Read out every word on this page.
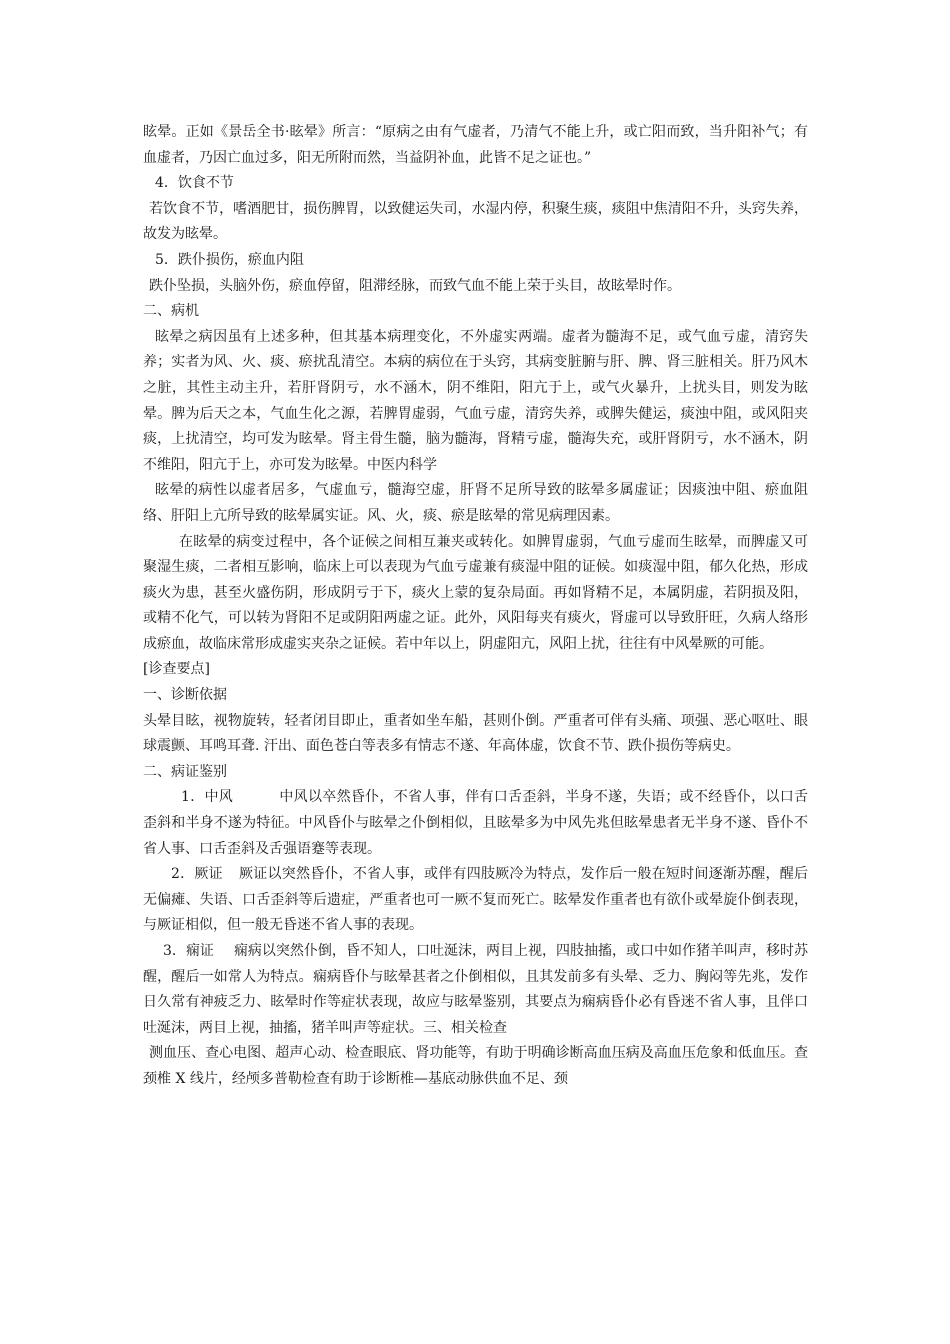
眩晕。正如《景岳全书·眩晕》所言：“原病之由有气虚者，乃清气不能上升，或亡阳而致，当升阳补气；有血虚者，乃因亡血过多，阳无所附而然，当益阴补血，此皆不足之证也。”

4．饮食不节

若饮食不节，嗜酒肥甘，损伤脾胃，以致健运失司，水湿内停，积聚生痰，痰阻中焦清阳不升，头窍失养，故发为眩晕。

5．跌仆损伤，瘀血内阻

跌仆坠损，头脑外伤，瘀血停留，阻滞经脉，而致气血不能上荣于头目，故眩晕时作。

二、病机

眩晕之病因虽有上述多种，但其基本病理变化，不外虚实两端。虚者为髓海不足，或气血亏虚，清窍失养；实者为风、火、痰、瘀扰乱清空。本病的病位在于头窍，其病变脏腑与肝、脾、肾三脏相关。肝乃风木之脏，其性主动主升，若肝肾阴亏，水不涵木，阴不维阳，阳亢于上，或气火暴升，上扰头目，则发为眩晕。脾为后天之本，气血生化之源，若脾胃虚弱，气血亏虚，清窍失养，或脾失健运，痰浊中阻，或风阳夹痰，上扰清空，均可发为眩晕。肾主骨生髓，脑为髓海，肾精亏虚，髓海失充，或肝肾阴亏，水不涵木，阴不维阳，阳亢于上，亦可发为眩晕。中医内科学

眩晕的病性以虚者居多，气虚血亏，髓海空虚，肝肾不足所导致的眩晕多属虚证；因痰浊中阻、瘀血阻络、肝阳上亢所导致的眩晕属实证。风、火，痰、瘀是眩晕的常见病理因素。

在眩晕的病变过程中，各个证候之间相互兼夹或转化。如脾胃虚弱，气血亏虚而生眩晕，而脾虚又可聚湿生痰，二者相互影响，临床上可以表现为气血亏虚兼有痰湿中阻的证候。如痰湿中阻，郁久化热，形成痰火为患，甚至火盛伤阴，形成阴亏于下，痰火上蒙的复杂局面。再如肾精不足，本属阴虚，若阴损及阳，或精不化气，可以转为肾阳不足或阴阳两虚之证。此外，风阳每夹有痰火，肾虚可以导致肝旺，久病人络形成瘀血，故临床常形成虚实夹杂之证候。若中年以上，阴虚阳亢，风阳上扰，往往有中风晕厥的可能。

[诊查要点]

一、诊断依据

头晕目眩，视物旋转，轻者闭目即止，重者如坐车船，甚则仆倒。严重者可伴有头痛、项强、恶心呕吐、眼球震颤、耳鸣耳聋. 汗出、面色苍白等表多有情志不遂、年高体虚，饮食不节、跌仆损伤等病史。

二、病证鉴别

1．中风	中风以卒然昏仆，不省人事，伴有口舌歪斜，半身不遂，失语；或不经昏仆，以口舌歪斜和半身不遂为特征。中风昏仆与眩晕之仆倒相似，且眩晕多为中风先兆但眩晕患者无半身不遂、昏仆不省人事、口舌歪斜及舌强语蹇等表现。

2．厥证 厥证以突然昏仆，不省人事，或伴有四肢厥冷为特点，发作后一般在短时间逐渐苏醒，醒后无偏瘫、失语、口舌歪斜等后遗症，严重者也可一厥不复而死亡。眩晕发作重者也有欲仆或晕旋仆倒表现，与厥证相似，但一般无昏迷不省人事的表现。

3．痫证 痫病以突然仆倒，昏不知人，口吐涎沫，两目上视，四肢抽搐，或口中如作猪羊叫声，移时苏醒，醒后一如常人为特点。痫病昏仆与眩晕甚者之仆倒相似，且其发前多有头晕、乏力、胸闷等先兆，发作日久常有神疲乏力、眩晕时作等症状表现，故应与眩晕鉴别，其要点为痫病昏仆必有昏迷不省人事，且伴口吐涎沫，两目上视，抽搐，猪羊叫声等症状。三、相关检查

测血压、查心电图、超声心动、检查眼底、肾功能等，有助于明确诊断高血压病及高血压危象和低血压。查颈椎 X 线片，经颅多普勒检查有助于诊断椎—基底动脉供血不足、颈
